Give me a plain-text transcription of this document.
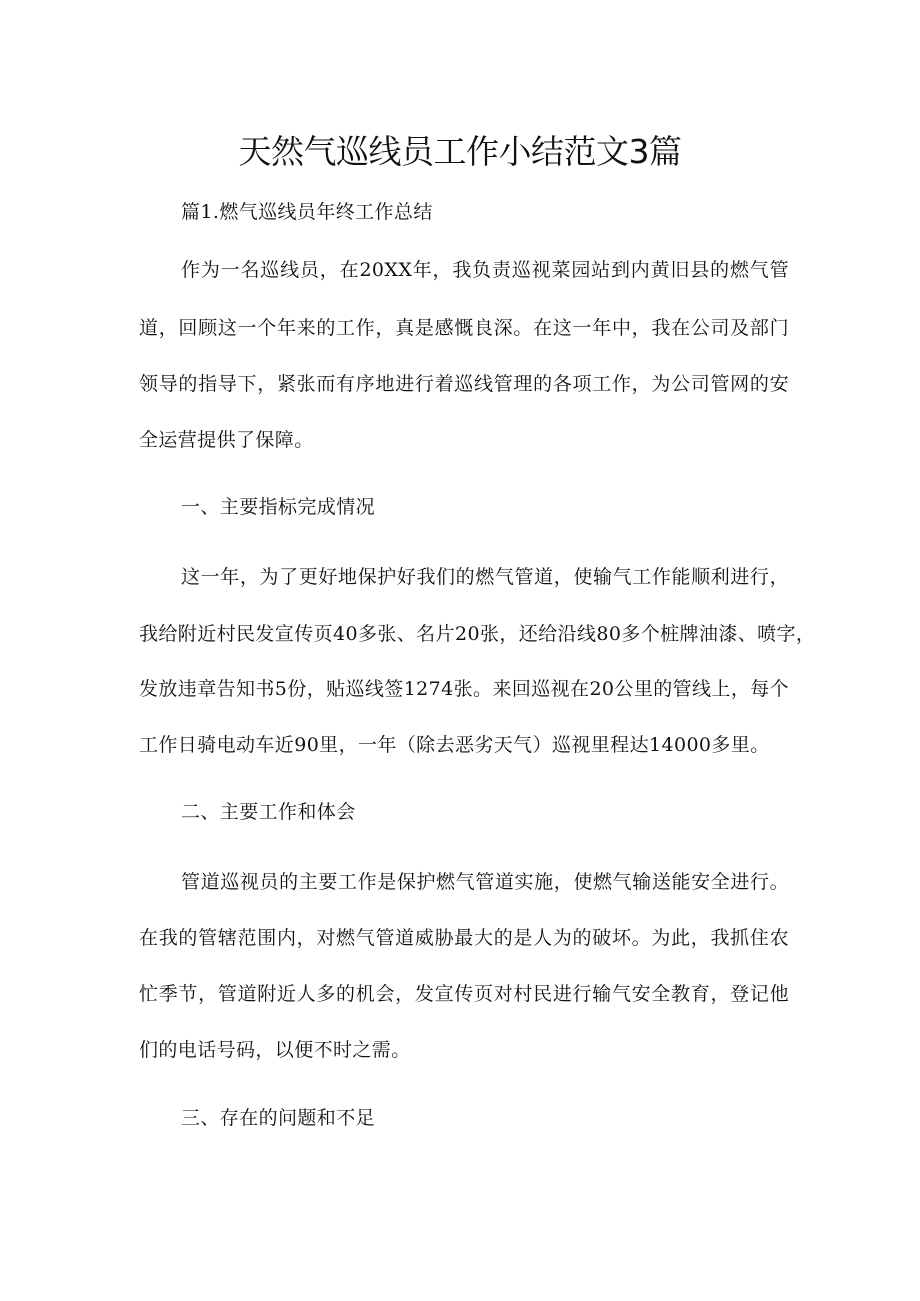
天然气巡线员工作小结范文3篇

篇1.燃气巡线员年终工作总结

作为一名巡线员，在20XX年，我负责巡视菜园站到内黄旧县的燃气管

道，回顾这一个年来的工作，真是感慨良深。在这一年中，我在公司及部门

领导的指导下，紧张而有序地进行着巡线管理的各项工作，为公司管网的安

全运营提供了保障。

一、主要指标完成情况

这一年，为了更好地保护好我们的燃气管道，使输气工作能顺利进行，

我给附近村民发宣传页40多张、名片20张，还给沿线80多个桩牌油漆、喷字，

发放违章告知书5份，贴巡线签1274张。来回巡视在20公里的管线上，每个

工作日骑电动车近90里，一年（除去恶劣天气）巡视里程达14000多里。

二、主要工作和体会

管道巡视员的主要工作是保护燃气管道实施，使燃气输送能安全进行。

在我的管辖范围内，对燃气管道威胁最大的是人为的破坏。为此，我抓住农

忙季节，管道附近人多的机会，发宣传页对村民进行输气安全教育，登记他

们的电话号码，以便不时之需。

三、存在的问题和不足
